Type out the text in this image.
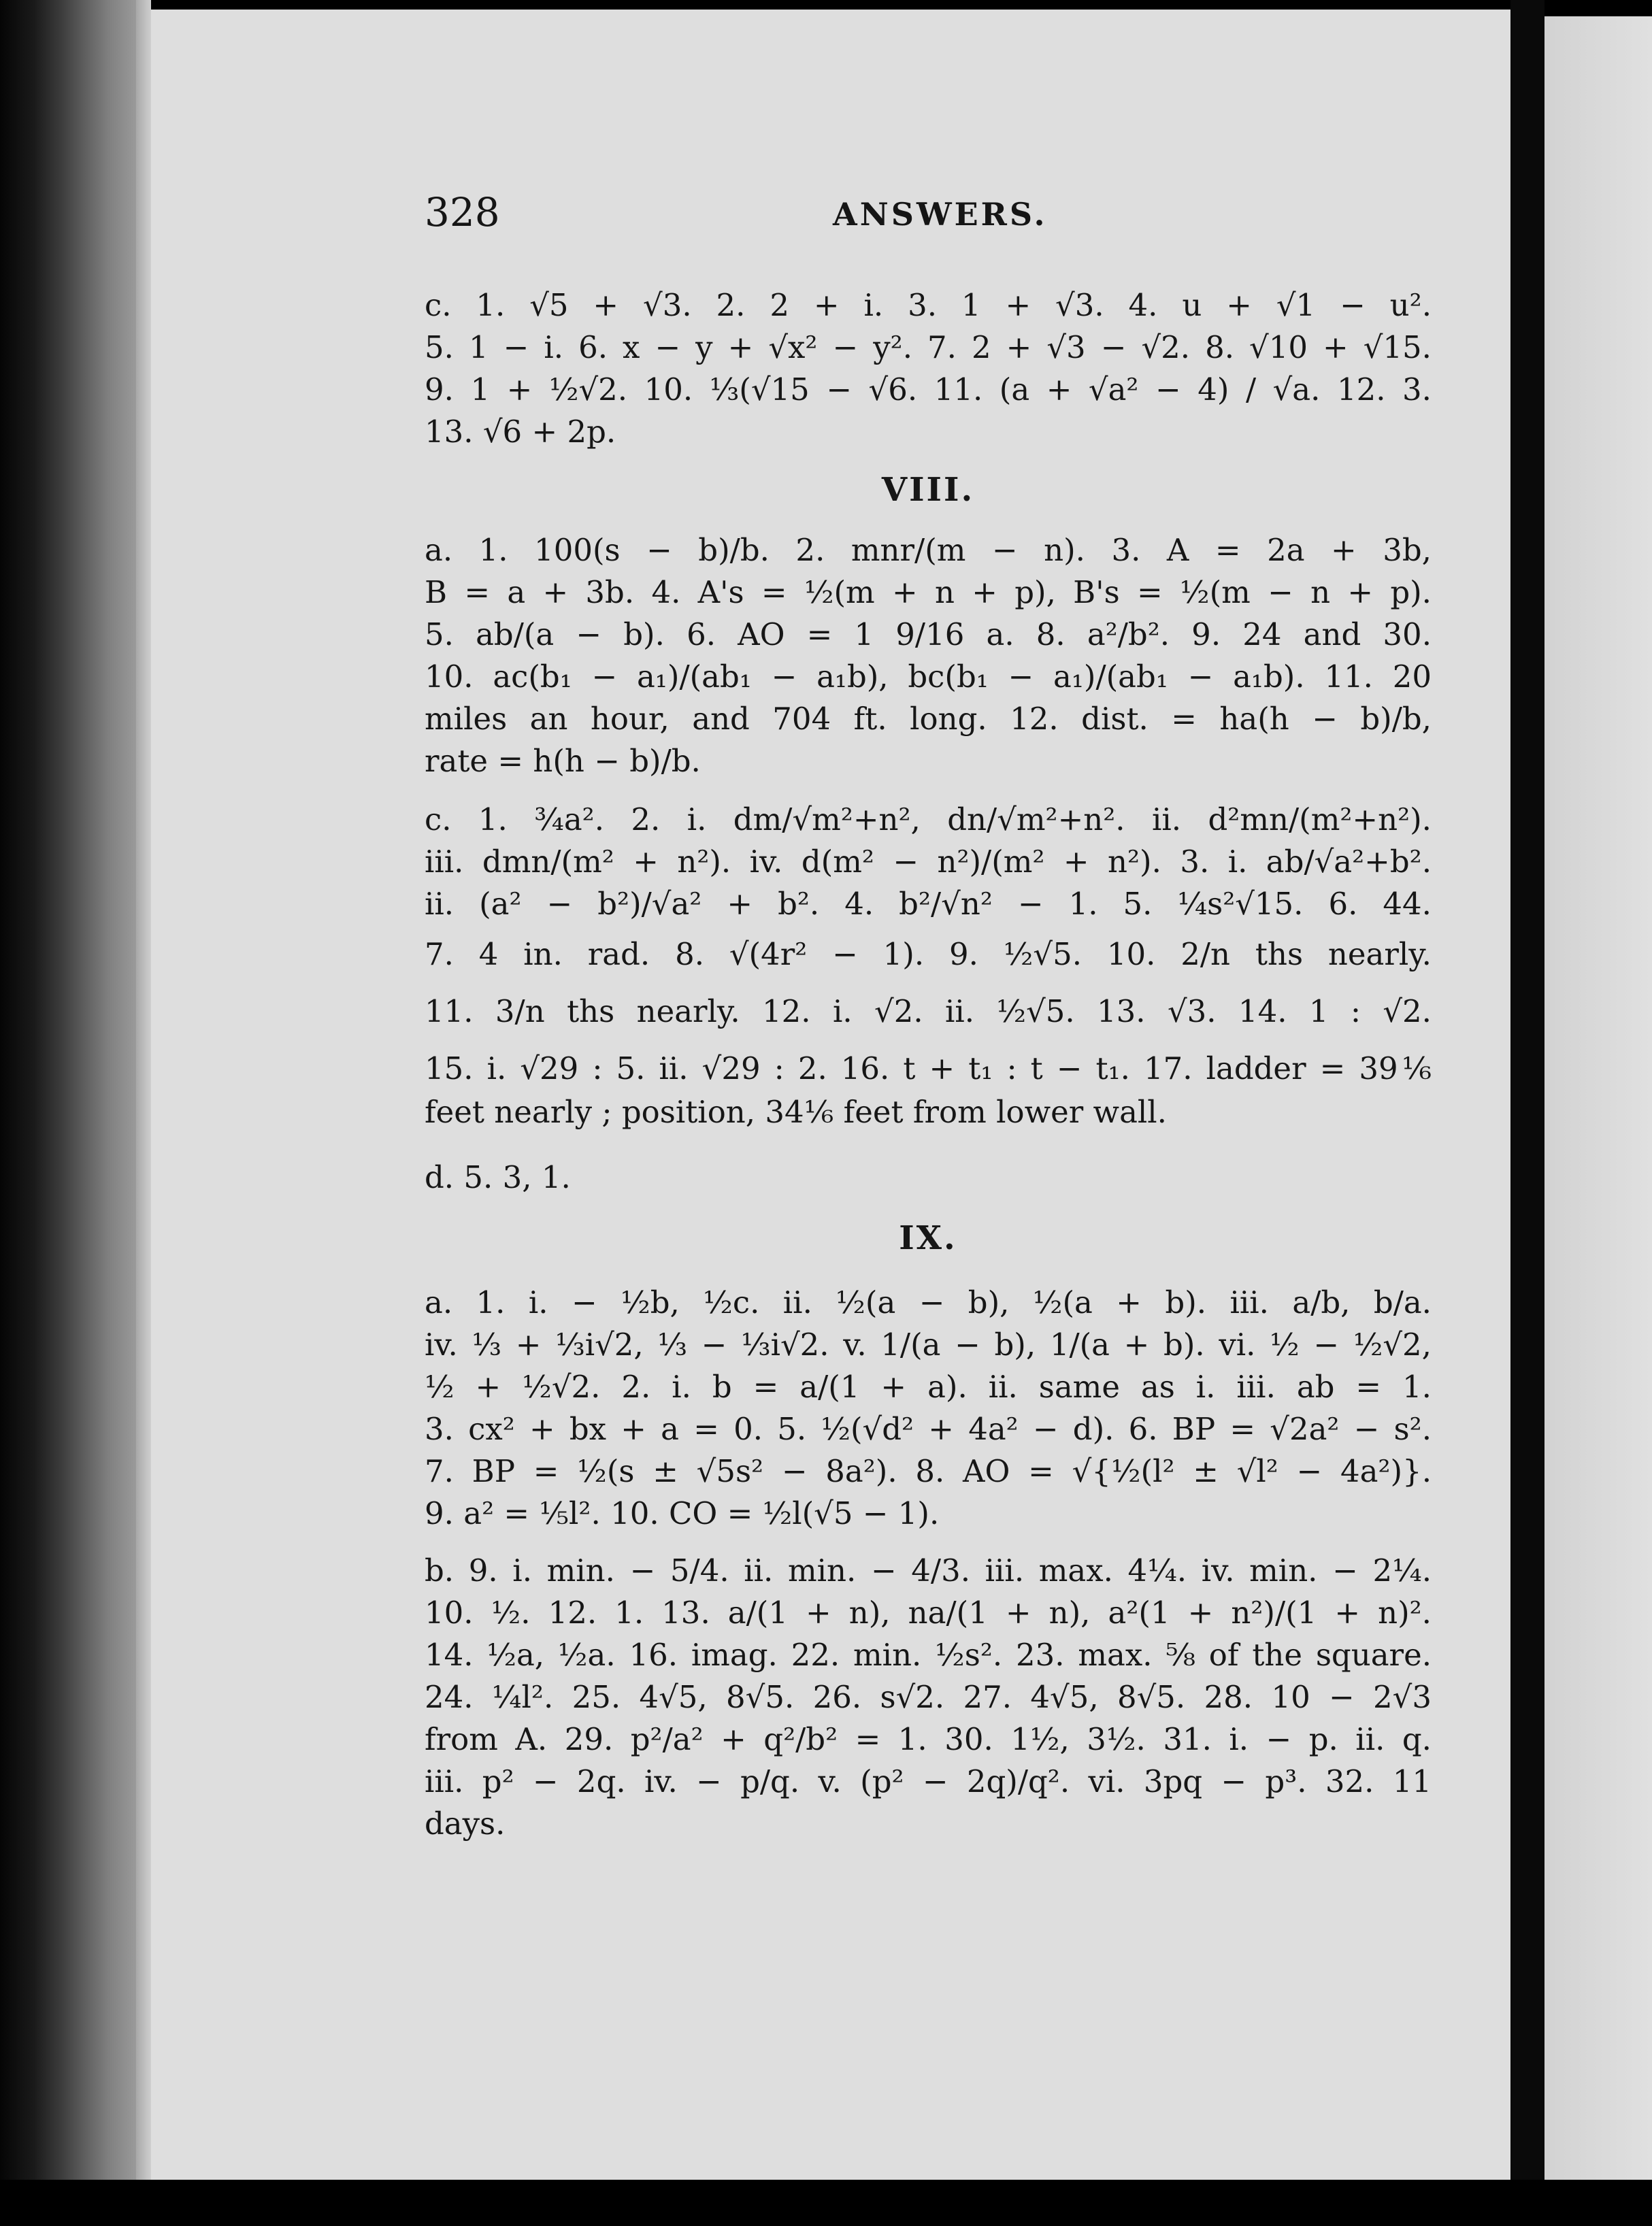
328	ANSWERS.
c. 1. √5 + √3. 2. 2 + i. 3. 1 + √3. 4. u + √1 − u².
5. 1 − i. 6. x − y + √x² − y². 7. 2 + √3 − √2. 8. √10 + √15.
9. 1 + ½√2. 10. ⅓(√15 − √6. 11. (a + √a² − 4) / √a. 12. 3.
13. √6 + 2p.
VIII.
a. 1. 100(s − b)/b. 2. mnr/(m − n). 3. A = 2a + 3b,
B = a + 3b. 4. A's = ½(m + n + p), B's = ½(m − n + p).
5. ab/(a − b). 6. AO = 1 9/16 a. 8. a²/b². 9. 24 and 30.
10. ac(b₁ − a₁)/(ab₁ − a₁b), bc(b₁ − a₁)/(ab₁ − a₁b). 11. 20
miles an hour, and 704 ft. long. 12. dist. = ha(h − b)/b,
rate = h(h − b)/b.
c. 1. ¾a². 2. i. dm/√m²+n², dn/√m²+n². ii. d²mn/(m²+n²).
iii. dmn/(m² + n²). iv. d(m² − n²)/(m² + n²). 3. i. ab/√a²+b².
ii. (a² − b²)/√a² + b². 4. b²/√n² − 1. 5. ¼s²√15. 6. 44.
7. 4 in. rad. 8. √(4r² − 1). 9. ½√5. 10. 2/n ths nearly.
11. 3/n ths nearly. 12. i. √2. ii. ½√5. 13. √3. 14. 1 : √2.
15. i. √29 : 5. ii. √29 : 2. 16. t + t₁ : t − t₁. 17. ladder = 39⅙
feet nearly ; position, 34⅙ feet from lower wall.
d. 5. 3, 1.
IX.
a. 1. i. − ½b, ½c. ii. ½(a − b), ½(a + b). iii. a/b, b/a.
iv. ⅓ + ⅓i√2, ⅓ − ⅓i√2. v. 1/(a − b), 1/(a + b). vi. ½ − ½√2,
½ + ½√2. 2. i. b = a/(1 + a). ii. same as i. iii. ab = 1.
3. cx² + bx + a = 0. 5. ½(√d² + 4a² − d). 6. BP = √2a² − s².
7. BP = ½(s ± √5s² − 8a²). 8. AO = √{½(l² ± √l² − 4a²)}.
9. a² = ⅕l². 10. CO = ½l(√5 − 1).
b. 9. i. min. − 5/4. ii. min. − 4/3. iii. max. 4¼. iv. min. − 2¼.
10. ½. 12. 1. 13. a/(1 + n), na/(1 + n), a²(1 + n²)/(1 + n)².
14. ½a, ½a. 16. imag. 22. min. ½s². 23. max. ⅝ of the square.
24. ¼l². 25. 4√5, 8√5. 26. s√2. 27. 4√5, 8√5. 28. 10 − 2√3
from A. 29. p²/a² + q²/b² = 1. 30. 1½, 3½. 31. i. − p. ii. q.
iii. p² − 2q. iv. − p/q. v. (p² − 2q)/q². vi. 3pq − p³. 32. 11
days.
